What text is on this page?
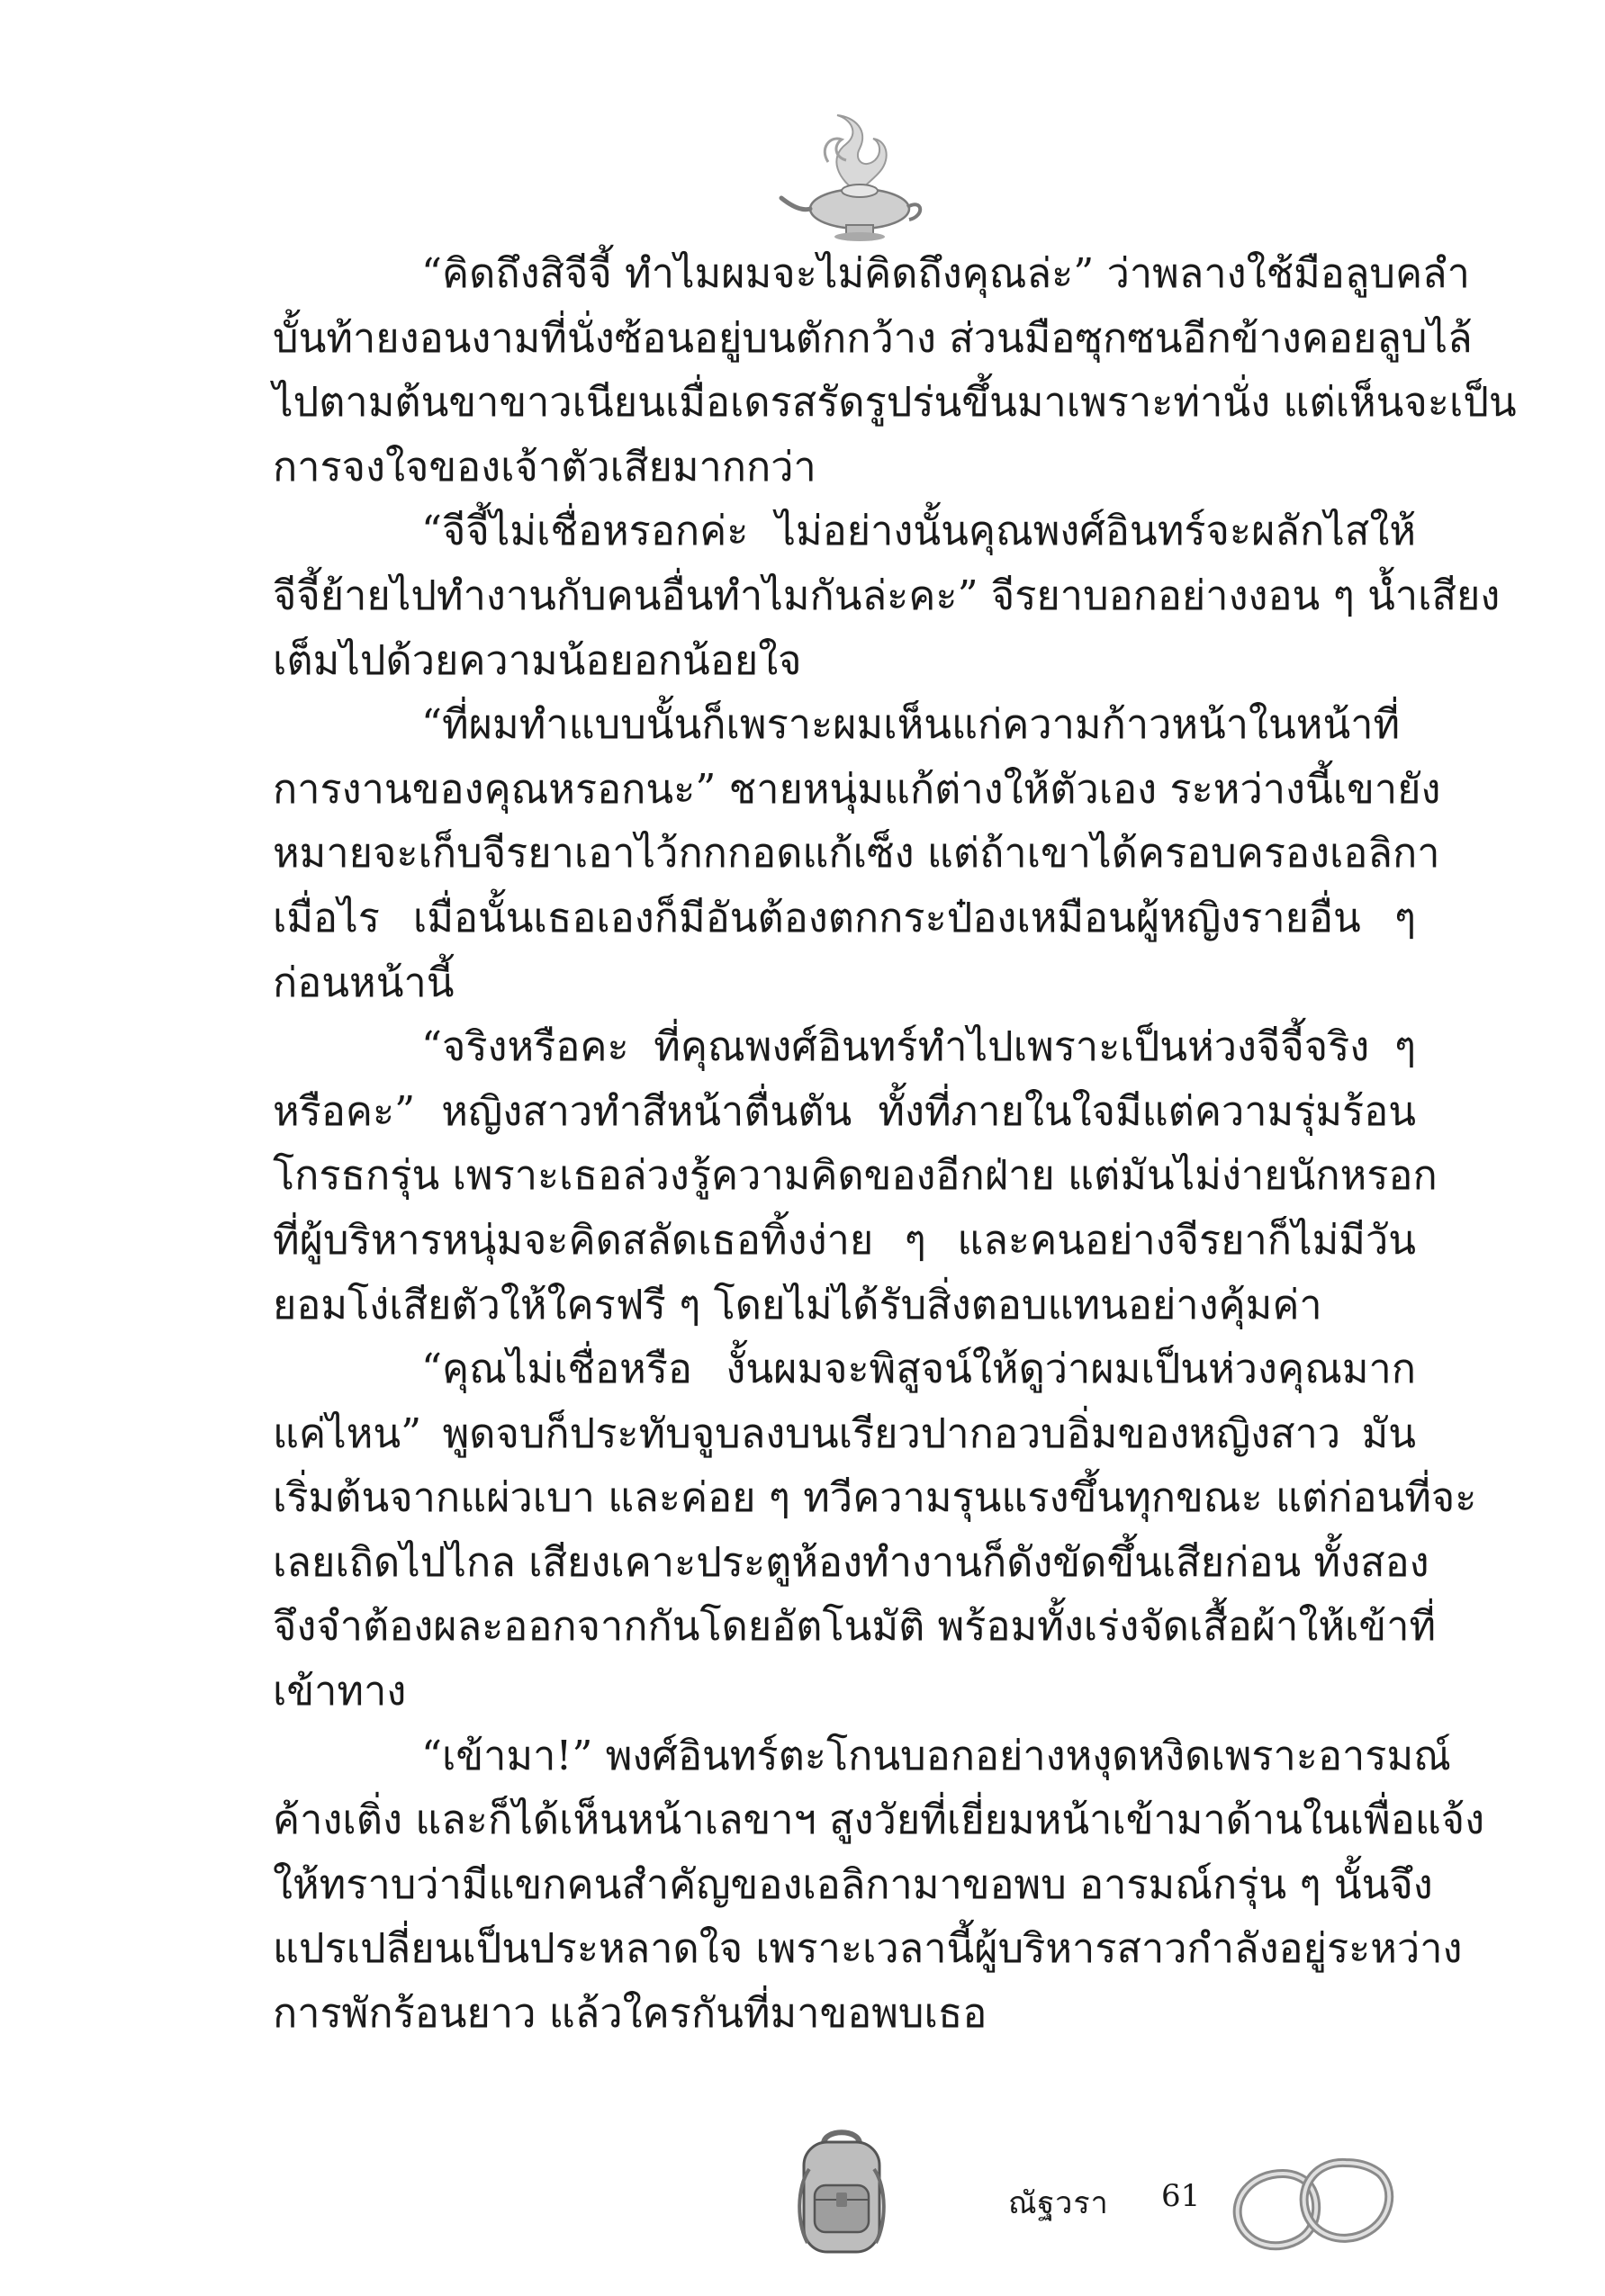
“คิดถึงสิจีจี้ ทำไมผมจะไม่คิดถึงคุณล่ะ” ว่าพลางใช้มือลูบคลำ
บั้นท้ายงอนงามที่นั่งซ้อนอยู่บนตักกว้าง ส่วนมือซุกซนอีกข้างคอยลูบไล้
ไปตามต้นขาขาวเนียนเมื่อเดรสรัดรูปร่นขึ้นมาเพราะท่านั่ง แต่เห็นจะเป็น
การจงใจของเจ้าตัวเสียมากกว่า

“จีจี้ไม่เชื่อหรอกค่ะ ไม่อย่างนั้นคุณพงศ์อินทร์จะผลักไสให้
จีจี้ย้ายไปทำงานกับคนอื่นทำไมกันล่ะคะ” จีรยาบอกอย่างงอน ๆ น้ำเสียง
เต็มไปด้วยความน้อยอกน้อยใจ

“ที่ผมทำแบบนั้นก็เพราะผมเห็นแก่ความก้าวหน้าในหน้าที่
การงานของคุณหรอกนะ” ชายหนุ่มแก้ต่างให้ตัวเอง ระหว่างนี้เขายัง
หมายจะเก็บจีรยาเอาไว้กกกอดแก้เซ็ง แต่ถ้าเขาได้ครอบครองเอลิกา
เมื่อไร เมื่อนั้นเธอเองก็มีอันต้องตกกระป๋องเหมือนผู้หญิงรายอื่น ๆ
ก่อนหน้านี้

“จริงหรือคะ ที่คุณพงศ์อินทร์ทำไปเพราะเป็นห่วงจีจี้จริง ๆ
หรือคะ” หญิงสาวทำสีหน้าตื่นตัน ทั้งที่ภายในใจมีแต่ความรุ่มร้อน
โกรธกรุ่น เพราะเธอล่วงรู้ความคิดของอีกฝ่าย แต่มันไม่ง่ายนักหรอก
ที่ผู้บริหารหนุ่มจะคิดสลัดเธอทิ้งง่าย ๆ และคนอย่างจีรยาก็ไม่มีวัน
ยอมโง่เสียตัวให้ใครฟรี ๆ โดยไม่ได้รับสิ่งตอบแทนอย่างคุ้มค่า

“คุณไม่เชื่อหรือ งั้นผมจะพิสูจน์ให้ดูว่าผมเป็นห่วงคุณมาก
แค่ไหน” พูดจบก็ประทับจูบลงบนเรียวปากอวบอิ่มของหญิงสาว มัน
เริ่มต้นจากแผ่วเบา และค่อย ๆ ทวีความรุนแรงขึ้นทุกขณะ แต่ก่อนที่จะ
เลยเถิดไปไกล เสียงเคาะประตูห้องทำงานก็ดังขัดขึ้นเสียก่อน ทั้งสอง
จึงจำต้องผละออกจากกันโดยอัตโนมัติ พร้อมทั้งเร่งจัดเสื้อผ้าให้เข้าที่
เข้าทาง

“เข้ามา!” พงศ์อินทร์ตะโกนบอกอย่างหงุดหงิดเพราะอารมณ์
ค้างเติ่ง และก็ได้เห็นหน้าเลขาฯ สูงวัยที่เยี่ยมหน้าเข้ามาด้านในเพื่อแจ้ง
ให้ทราบว่ามีแขกคนสำคัญของเอลิกามาขอพบ อารมณ์กรุ่น ๆ นั้นจึง
แปรเปลี่ยนเป็นประหลาดใจ เพราะเวลานี้ผู้บริหารสาวกำลังอยู่ระหว่าง
การพักร้อนยาว แล้วใครกันที่มาขอพบเธอ

ณัฐวรา 61
